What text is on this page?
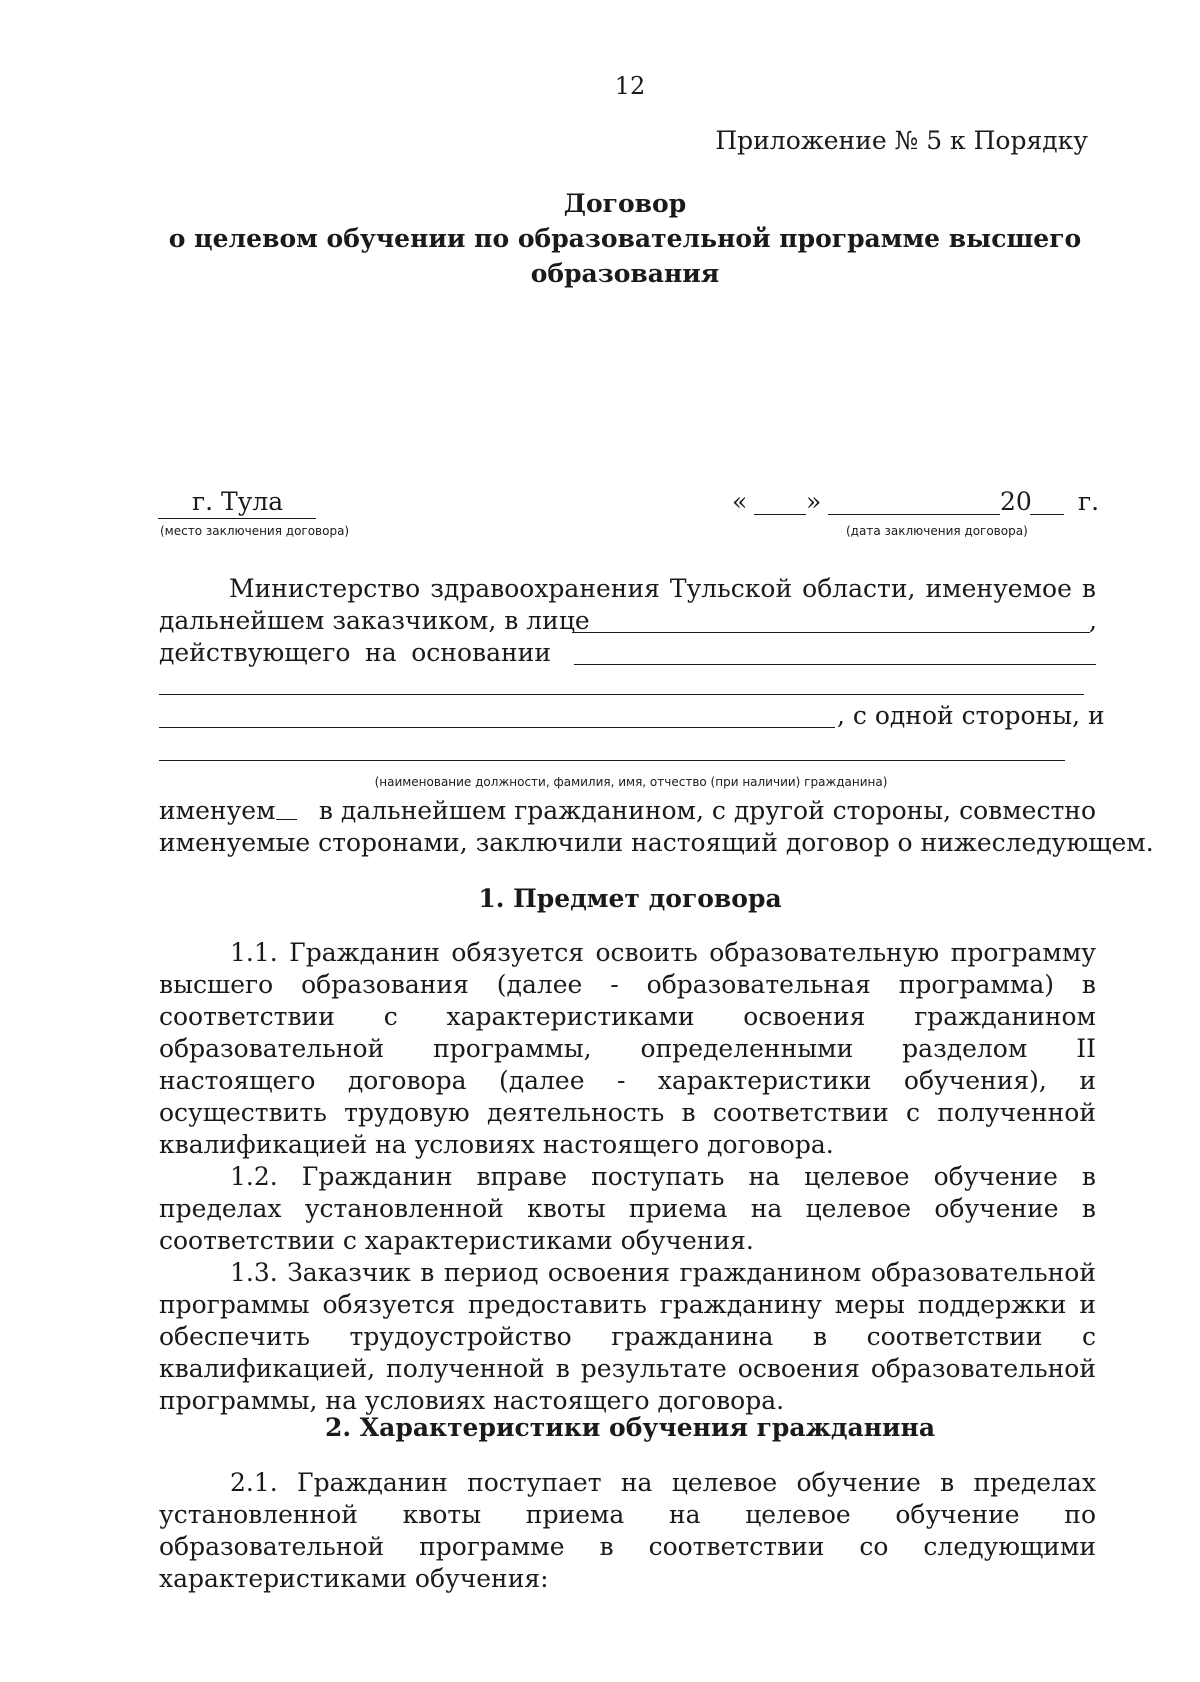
12
Приложение № 5 к Порядку
Договор
о целевом обучении по образовательной программе высшего
образования
г. Тула
(место заключения договора)
« »	20 г.
(дата заключения договора)
Министерство здравоохранения Тульской области, именуемое в
дальнейшем заказчиком, в лице	,
действующего на основании
, с одной стороны, и
(наименование должности, фамилия, имя, отчество (при наличии) гражданина)
именуем в дальнейшем гражданином, с другой стороны, совместно
именуемые сторонами, заключили настоящий договор о нижеследующем.
1. Предмет договора

1.1. Гражданин обязуется освоить образовательную программу высшего образования (далее - образовательная программа) в соответствии с характеристиками освоения гражданином образовательной программы, определенными разделом II настоящего договора (далее - характеристики обучения), и осуществить трудовую деятельность в соответствии с полученной квалификацией на условиях настоящего договора.

1.2. Гражданин вправе поступать на целевое обучение в пределах установленной квоты приема на целевое обучение в соответствии с характеристиками обучения.

1.3. Заказчик в период освоения гражданином образовательной программы обязуется предоставить гражданину меры поддержки и обеспечить трудоустройство гражданина в соответствии с квалификацией, полученной в результате освоения образовательной программы, на условиях настоящего договора.

2. Характеристики обучения гражданина

2.1. Гражданин поступает на целевое обучение в пределах установленной квоты приема на целевое обучение по образовательной программе в соответствии со следующими характеристиками обучения:
